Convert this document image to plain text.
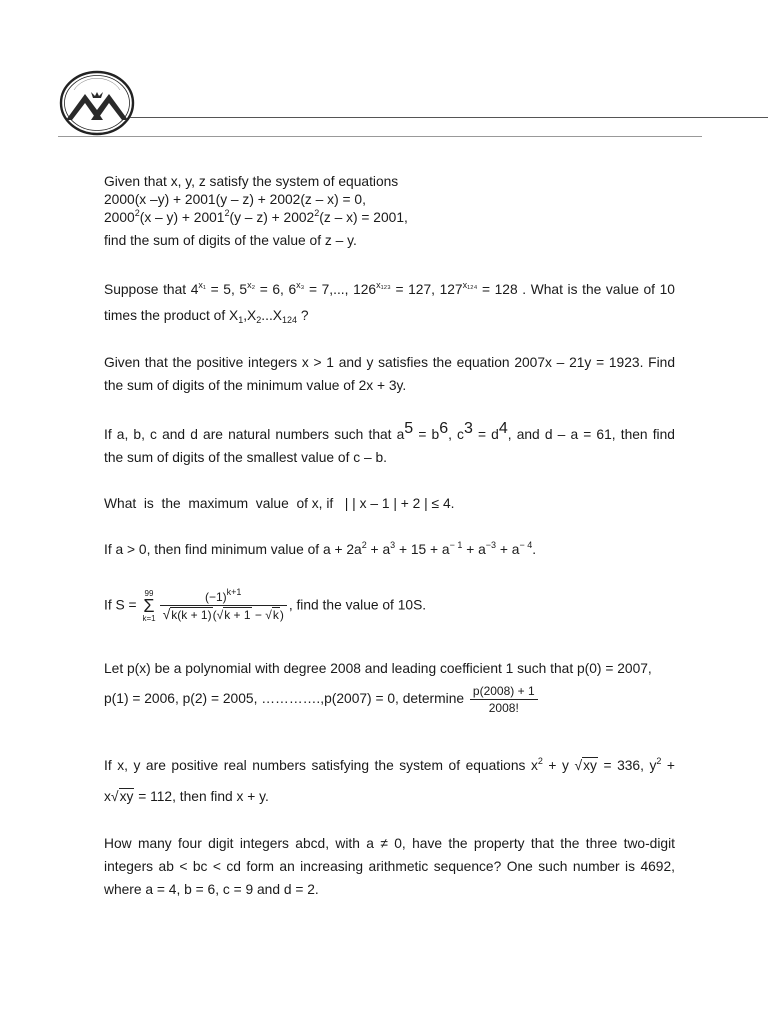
Given that x, y, z satisfy the system of equations

2000(x –y) + 2001(y – z) + 2002(z – x) = 0,

$2000^2(x - y) + 2001^2(y - z) + 2002^2(z - x) = 2001$,

find the sum of digits of the value of z – y.

Suppose that $4^{x_1} = 5$, $5^{x_2} = 6$, $6^{x_3} = 7$,..., $126^{x_{123}} = 127$, $127^{x_{124}} = 128$ . What is the value of 10

times the product of $X_1,X_2...X_{124}$ ?

Given that the positive integers x > 1 and y satisfies the equation 2007x – 21y = 1923. Find the sum of digits of the minimum value of 2x + 3y.

If a, b, c and d are natural numbers such that $a^5 = b^6$, $c^3 = d^4$, and d – a = 61, then find

the sum of digits of the smallest value of c – b.

What  is  the  maximum  value  of x, if   | | x – 1 | + 2 | ≤ 4.
If a > 0, then find minimum value of $a + 2a^2 + a^3 + 15 + a^{- 1} + a^{-3} + a^{- 4}$.
If S = 99
Σ
$k=1 \frac{(-1)^{k+1}}{√k(k + 1)(√k + 1 - √k)}$ , find the value of 10S.

Let p(x) be a polynomial with degree 2008 and leading coefficient 1 such that p(0) = 2007,

p(1) = 2006, p(2) = 2005, ………….,p(2007) = 0, determine $\frac{p(2008) + 1}{2008!}$

If x, y are positive real numbers satisfying the system of equations $x^2 + y$ √xy = 336, $y^2$ +

x√xy = 112, then find x + y.

How many four digit integers abcd, with a ≠ 0, have the property that the three two-digit integers ab < bc < cd form an increasing arithmetic sequence? One such number is 4692, where a = 4, b = 6, c = 9 and d = 2.
